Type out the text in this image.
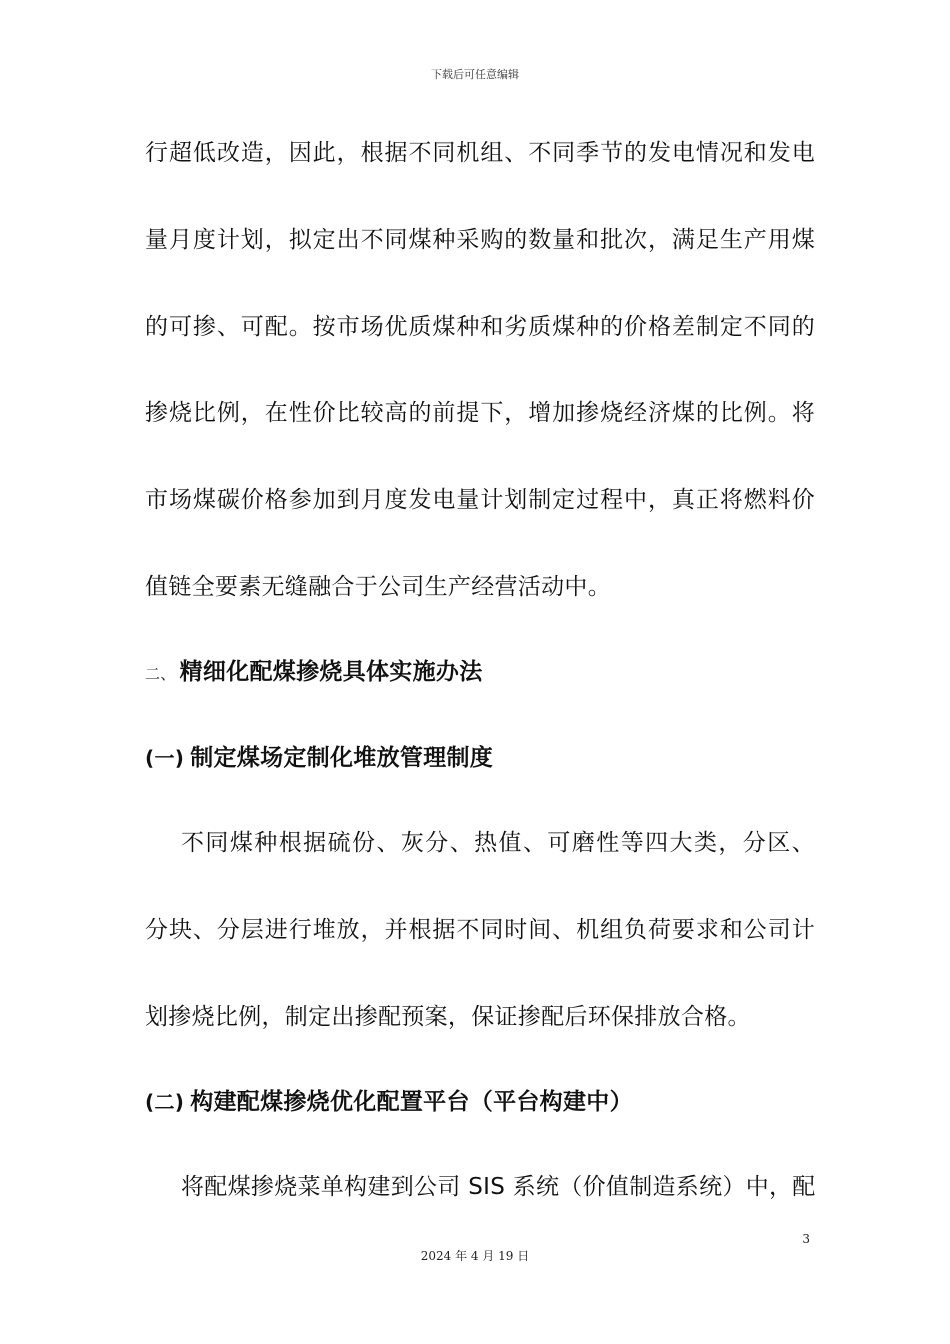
下载后可任意编辑
行超低改造，因此，根据不同机组、不同季节的发电情况和发电
量月度计划，拟定出不同煤种采购的数量和批次，满足生产用煤
的可掺、可配。按市场优质煤种和劣质煤种的价格差制定不同的
掺烧比例，在性价比较高的前提下，增加掺烧经济煤的比例。将
市场煤碳价格参加到月度发电量计划制定过程中，真正将燃料价
值链全要素无缝融合于公司生产经营活动中。
二、 精细化配煤掺烧具体实施办法
(一) 制定煤场定制化堆放管理制度
不同煤种根据硫份、灰分、热值、可磨性等四大类，分区、
分块、分层进行堆放，并根据不同时间、机组负荷要求和公司计
划掺烧比例，制定出掺配预案，保证掺配后环保排放合格。
(二) 构建配煤掺烧优化配置平台（平台构建中）
将配煤掺烧菜单构建到公司 SIS 系统（价值制造系统）中，配
3
2024 年 4 月 19 日
